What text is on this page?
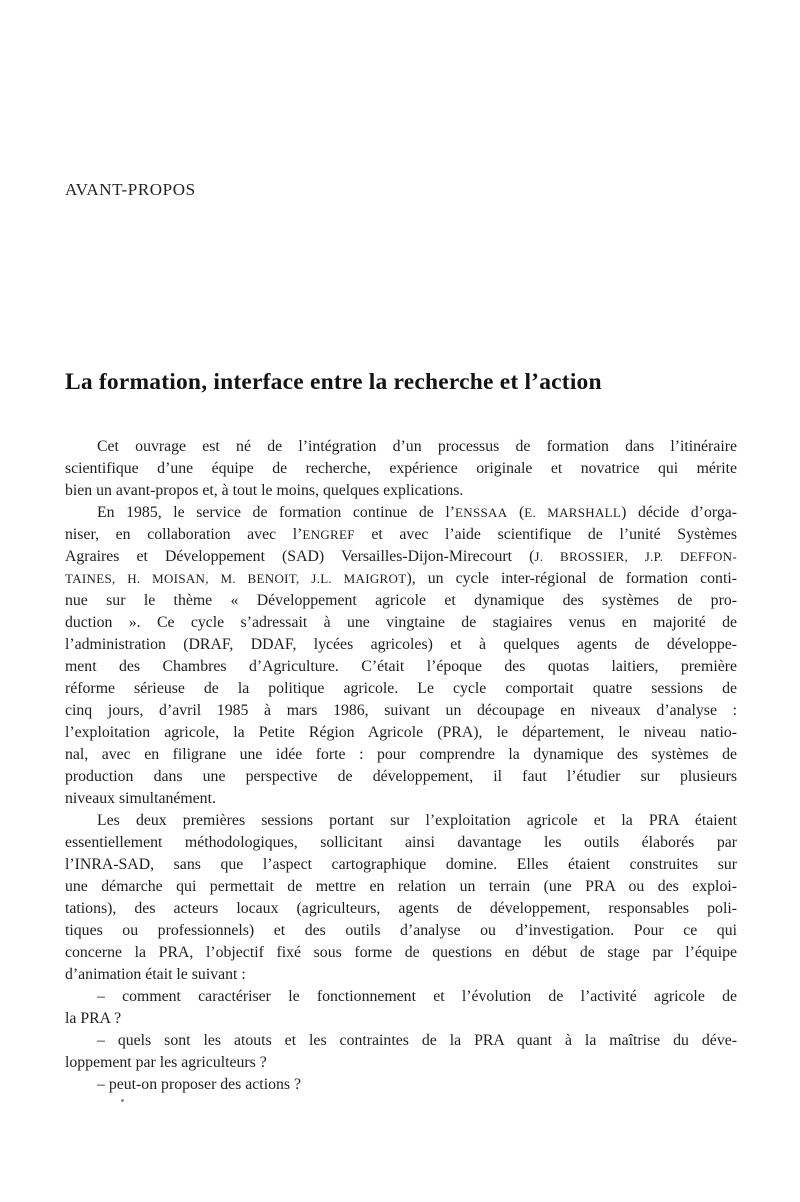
AVANT-PROPOS
La formation, interface entre la recherche et l’action
Cet ouvrage est né de l’intégration d’un processus de formation dans l’itinéraire
scientifique d’une équipe de recherche, expérience originale et novatrice qui mérite
bien un avant-propos et, à tout le moins, quelques explications.
En 1985, le service de formation continue de l’ENSSAA (E. MARSHALL) décide d’orga-
niser, en collaboration avec l’ENGREF et avec l’aide scientifique de l’unité Systèmes
Agraires et Développement (SAD) Versailles-Dijon-Mirecourt (J. BROSSIER, J.P. DEFFON-
TAINES, H. MOISAN, M. BENOIT, J.L. MAIGROT), un cycle inter-régional de formation conti-
nue sur le thème « Développement agricole et dynamique des systèmes de pro-
duction ». Ce cycle s’adressait à une vingtaine de stagiaires venus en majorité de
l’administration (DRAF, DDAF, lycées agricoles) et à quelques agents de développe-
ment des Chambres d’Agriculture. C’était l’époque des quotas laitiers, première
réforme sérieuse de la politique agricole. Le cycle comportait quatre sessions de
cinq jours, d’avril 1985 à mars 1986, suivant un découpage en niveaux d’analyse :
l’exploitation agricole, la Petite Région Agricole (PRA), le département, le niveau natio-
nal, avec en filigrane une idée forte : pour comprendre la dynamique des systèmes de
production dans une perspective de développement, il faut l’étudier sur plusieurs
niveaux simultanément.
Les deux premières sessions portant sur l’exploitation agricole et la PRA étaient
essentiellement méthodologiques, sollicitant ainsi davantage les outils élaborés par
l’INRA-SAD, sans que l’aspect cartographique domine. Elles étaient construites sur
une démarche qui permettait de mettre en relation un terrain (une PRA ou des exploi-
tations), des acteurs locaux (agriculteurs, agents de développement, responsables poli-
tiques ou professionnels) et des outils d’analyse ou d’investigation. Pour ce qui
concerne la PRA, l’objectif fixé sous forme de questions en début de stage par l’équipe
d’animation était le suivant :
– comment caractériser le fonctionnement et l’évolution de l’activité agricole de
la PRA ?
– quels sont les atouts et les contraintes de la PRA quant à la maîtrise du déve-
loppement par les agriculteurs ?
– peut-on proposer des actions ?
